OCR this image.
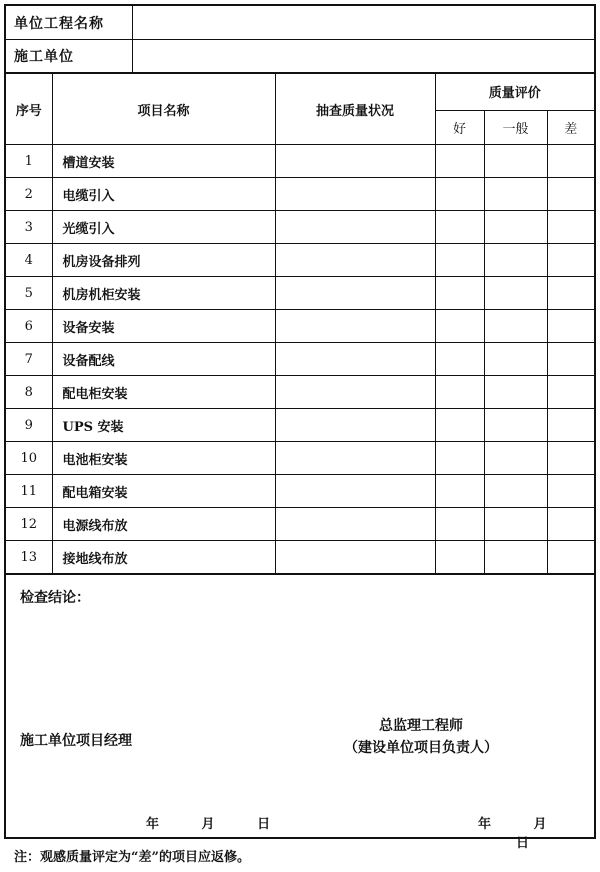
单位工程名称
施工单位
序号	项目名称	抽查质量状况	质量评价		
			好	一般	差
1	槽道安装				
2	电缆引入				
3	光缆引入				
4	机房设备排列				
5	机房机柜安装				
6	设备安装				
7	设备配线				
8	配电柜安装				
9	UPS 安装				
10	电池柜安装				
11	配电箱安装				
12	电源线布放				
13	接地线布放				
检查结论：
施工单位项目经理
总监理工程师
（建设单位项目负责人）
年	月	日	年	月 日
注：观感质量评定为“差”的项目应返修。
